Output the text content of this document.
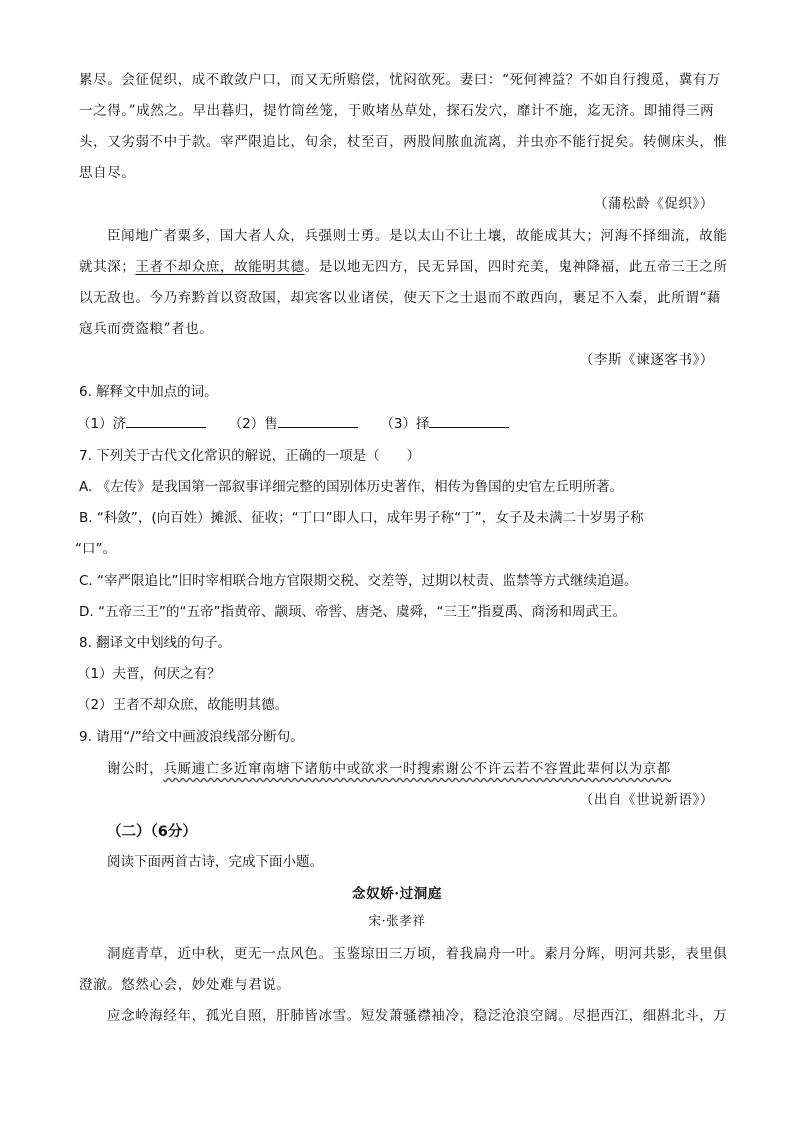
累尽。会征促织，成不敢敛户口，而又无所赔偿，忧闷欲死。妻曰：“死何裨益？不如自行搜觅，冀有万
一之得。”成然之。早出暮归，提竹筒丝笼，于败堵丛草处，探石发穴，靡计不施，迄无济。即捕得三两
头，又劣弱不中于款。宰严限追比，旬余，杖至百，两股间脓血流离，并虫亦不能行捉矣。转侧床头，惟
思自尽。
（蒲松龄《促织》）
臣闻地广者粟多，国大者人众，兵强则士勇。是以太山不让土壤，故能成其大；河海不择细流，故能
就其深；王者不却众庶，故能明其德。是以地无四方，民无异国，四时充美，鬼神降福，此五帝三王之所
以无敌也。今乃弃黔首以资敌国，却宾客以业诸侯，使天下之士退而不敢西向，裹足不入秦，此所谓“藉
寇兵而赍盗粮”者也。
（李斯《谏逐客书》）
6. 解释文中加点的词。
（1）济	（2）售	（3）择
7. 下列关于古代文化常识的解说，正确的一项是（　　）
A. 《左传》是我国第一部叙事详细完整的国别体历史著作，相传为鲁国的史官左丘明所著。
B. “科敛”，(向百姓）摊派、征收；“丁口”即人口，成年男子称“丁”，女子及未满二十岁男子称
“口”。
C. “宰严限追比”旧时宰相联合地方官限期交税、交差等，过期以杖责、监禁等方式继续追逼。
D. “五帝三王”的“五帝”指黄帝、颛顼、帝喾、唐尧、虞舜，“三王”指夏禹、商汤和周武王。
8. 翻译文中划线的句子。
（1）夫晋，何厌之有？
（2）王者不却众庶，故能明其德。
9. 请用“/”给文中画波浪线部分断句。
谢公时，兵厮逋亡多近窜南塘下诸舫中或欲求一时搜索谢公不许云若不容置此辈何以为京都
（出自《世说新语》）
（二）（6分）
阅读下面两首古诗，完成下面小题。
念奴娇·过洞庭
宋·张孝祥
洞庭青草，近中秋，更无一点风色。玉鉴琼田三万顷，着我扁舟一叶。素月分辉，明河共影，表里俱
澄澈。悠然心会，妙处难与君说。
应念岭海经年，孤光自照，肝肺皆冰雪。短发萧骚襟袖冷，稳泛沧浪空阔。尽挹西江，细斟北斗，万
